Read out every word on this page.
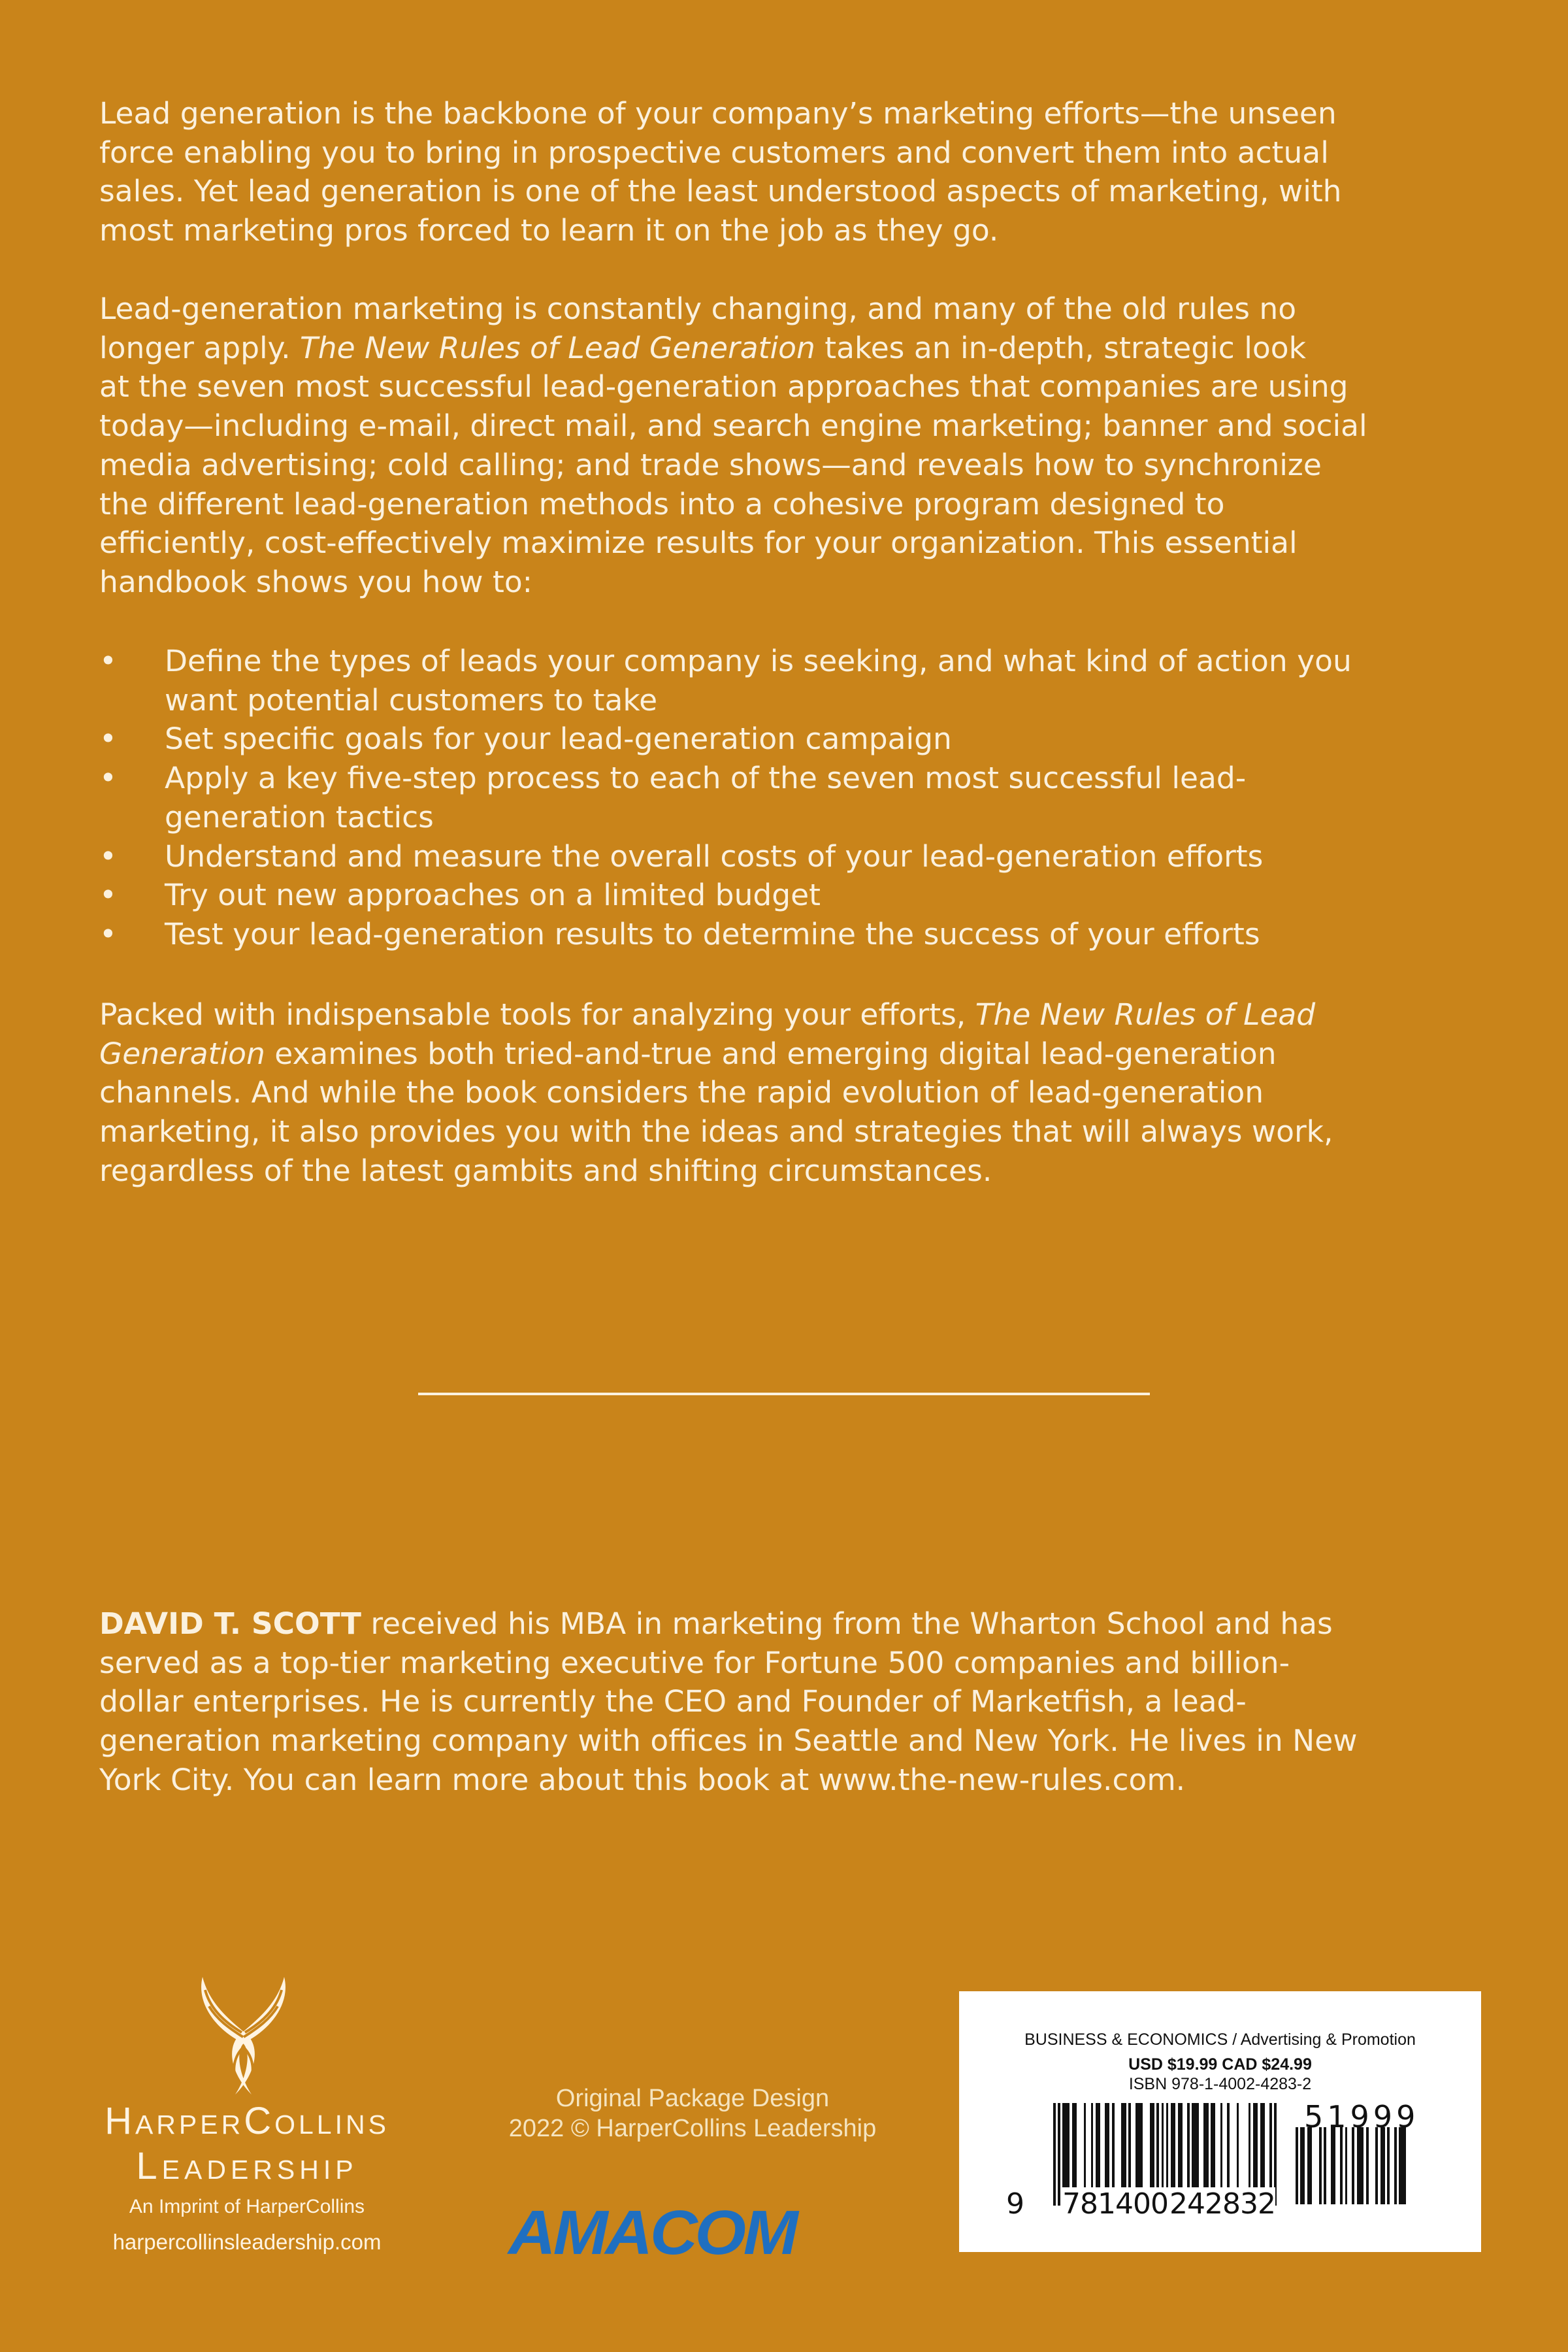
Lead generation is the backbone of your company’s marketing efforts—the unseen
force enabling you to bring in prospective customers and convert them into actual
sales. Yet lead generation is one of the least understood aspects of marketing, with
most marketing pros forced to learn it on the job as they go.
Lead-generation marketing is constantly changing, and many of the old rules no
longer apply. The New Rules of Lead Generation takes an in-depth, strategic look
at the seven most successful lead-generation approaches that companies are using
today—including e-mail, direct mail, and search engine marketing; banner and social
media advertising; cold calling; and trade shows—and reveals how to synchronize
the different lead-generation methods into a cohesive program designed to
efficiently, cost-effectively maximize results for your organization. This essential
handbook shows you how to:
• Define the types of leads your company is seeking, and what kind of action you
want potential customers to take
• Set specific goals for your lead-generation campaign
• Apply a key five-step process to each of the seven most successful lead-
generation tactics
• Understand and measure the overall costs of your lead-generation efforts
• Try out new approaches on a limited budget
• Test your lead-generation results to determine the success of your efforts
Packed with indispensable tools for analyzing your efforts, The New Rules of Lead
Generation examines both tried-and-true and emerging digital lead-generation
channels. And while the book considers the rapid evolution of lead-generation
marketing, it also provides you with the ideas and strategies that will always work,
regardless of the latest gambits and shifting circumstances.
DAVID T. SCOTT received his MBA in marketing from the Wharton School and has
served as a top-tier marketing executive for Fortune 500 companies and billion-
dollar enterprises. He is currently the CEO and Founder of Marketfish, a lead-
generation marketing company with offices in Seattle and New York. He lives in New
York City. You can learn more about this book at www.the-new-rules.com.
HarperCollins
Leadership
An Imprint of HarperCollins
harpercollinsleadership.com
Original Package Design
2022 © HarperCollins Leadership
AMACOM
BUSINESS & ECONOMICS / Advertising & Promotion
USD $19.99 CAD $24.99
ISBN 978-1-4002-4283-2
51999
9 781400 242832
